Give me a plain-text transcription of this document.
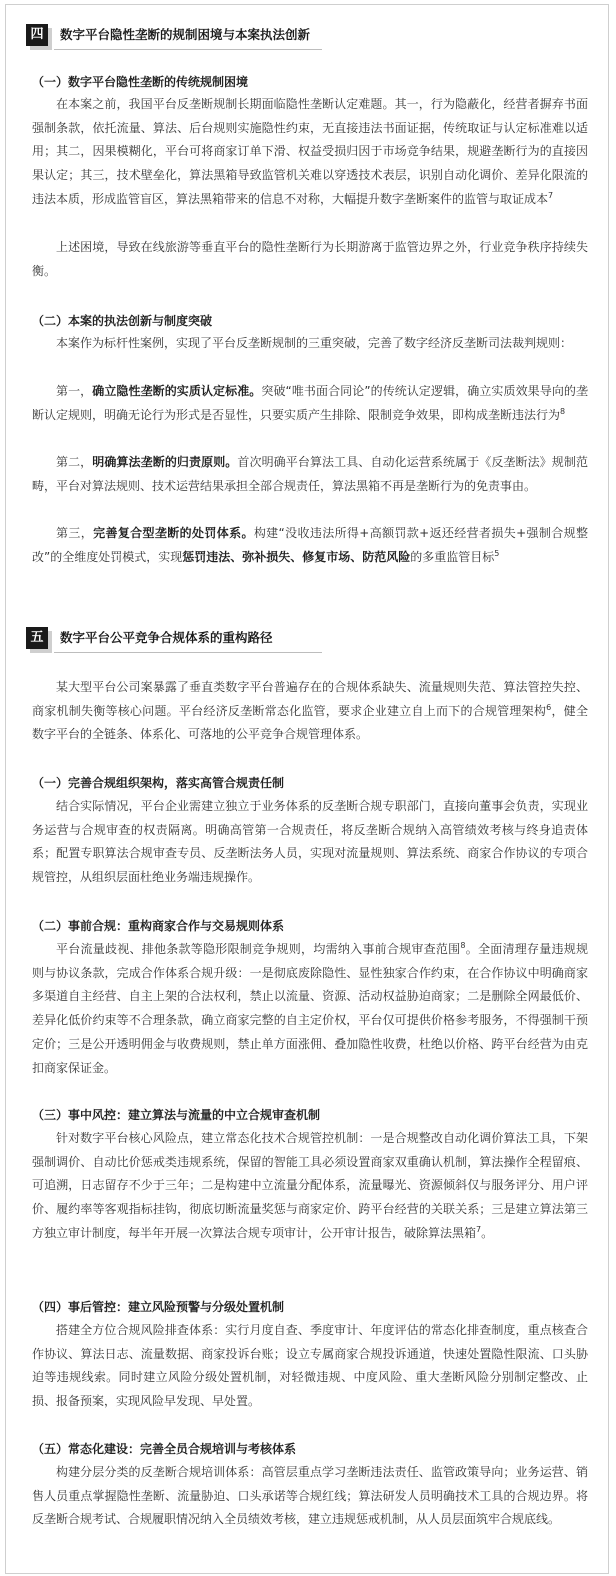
四	数字平台隐性垄断的规制困境与本案执法创新
（一）数字平台隐性垄断的传统规制困境

在本案之前，我国平台反垄断规制长期面临隐性垄断认定难题。其一，行为隐蔽化，经营者摒弃书面强制条款，依托流量、算法、后台规则实施隐性约束，无直接违法书面证据，传统取证与认定标准难以适用；其二，因果模糊化，平台可将商家订单下滑、权益受损归因于市场竞争结果，规避垄断行为的直接因果认定；其三，技术壁垒化，算法黑箱导致监管机关难以穿透技术表层，识别自动化调价、差异化限流的违法本质，形成监管盲区，算法黑箱带来的信息不对称，大幅提升数字垄断案件的监管与取证成本$^7$

上述困境，导致在线旅游等垂直平台的隐性垄断行为长期游离于监管边界之外，行业竞争秩序持续失衡。

（二）本案的执法创新与制度突破

本案作为标杆性案例，实现了平台反垄断规制的三重突破，完善了数字经济反垄断司法裁判规则：

第一，确立隐性垄断的实质认定标准。突破“唯书面合同论”的传统认定逻辑，确立实质效果导向的垄断认定规则，明确无论行为形式是否显性，只要实质产生排除、限制竞争效果，即构成垄断违法行为$^8$

第二，明确算法垄断的归责原则。首次明确平台算法工具、自动化运营系统属于《反垄断法》规制范畴，平台对算法规则、技术运营结果承担全部合规责任，算法黑箱不再是垄断行为的免责事由。

第三，完善复合型垄断的处罚体系。构建“没收违法所得+高额罚款+返还经营者损失+强制合规整改”的全维度处罚模式，实现惩罚违法、弥补损失、修复市场、防范风险的多重监管目标$^5$

五	数字平台公平竞争合规体系的重构路径

某大型平台公司案暴露了垂直类数字平台普遍存在的合规体系缺失、流量规则失范、算法管控失控、商家机制失衡等核心问题。平台经济反垄断常态化监管，要求企业建立自上而下的合规管理架构$^6$，健全数字平台的全链条、体系化、可落地的公平竞争合规管理体系。

（一）完善合规组织架构，落实高管合规责任制

结合实际情况，平台企业需建立独立于业务体系的反垄断合规专职部门，直接向董事会负责，实现业务运营与合规审查的权责隔离。明确高管第一合规责任，将反垄断合规纳入高管绩效考核与终身追责体系；配置专职算法合规审查专员、反垄断法务人员，实现对流量规则、算法系统、商家合作协议的专项合规管控，从组织层面杜绝业务端违规操作。

（二）事前合规：重构商家合作与交易规则体系

平台流量歧视、排他条款等隐形限制竞争规则，均需纳入事前合规审查范围$^8$。全面清理存量违规规则与协议条款，完成合作体系合规升级：一是彻底废除隐性、显性独家合作约束，在合作协议中明确商家多渠道自主经营、自主上架的合法权利，禁止以流量、资源、活动权益胁迫商家；二是删除全网最低价、差异化低价约束等不合理条款，确立商家完整的自主定价权，平台仅可提供价格参考服务，不得强制干预定价；三是公开透明佣金与收费规则，禁止单方面涨佣、叠加隐性收费，杜绝以价格、跨平台经营为由克扣商家保证金。

（三）事中风控：建立算法与流量的中立合规审查机制

针对数字平台核心风险点，建立常态化技术合规管控机制：一是合规整改自动化调价算法工具，下架强制调价、自动比价惩戒类违规系统，保留的智能工具必须设置商家双重确认机制，算法操作全程留痕、可追溯，日志留存不少于三年；二是构建中立流量分配体系，流量曝光、资源倾斜仅与服务评分、用户评价、履约率等客观指标挂钩，彻底切断流量奖惩与商家定价、跨平台经营的关联关系；三是建立算法第三方独立审计制度，每半年开展一次算法合规专项审计，公开审计报告，破除算法黑箱$^7$。

（四）事后管控：建立风险预警与分级处置机制

搭建全方位合规风险排查体系：实行月度自查、季度审计、年度评估的常态化排查制度，重点核查合作协议、算法日志、流量数据、商家投诉台账；设立专属商家合规投诉通道，快速处置隐性限流、口头胁迫等违规线索。同时建立风险分级处置机制，对轻微违规、中度风险、重大垄断风险分别制定整改、止损、报备预案，实现风险早发现、早处置。

（五）常态化建设：完善全员合规培训与考核体系

构建分层分类的反垄断合规培训体系：高管层重点学习垄断违法责任、监管政策导向；业务运营、销售人员重点掌握隐性垄断、流量胁迫、口头承诺等合规红线；算法研发人员明确技术工具的合规边界。将反垄断合规考试、合规履职情况纳入全员绩效考核，建立违规惩戒机制，从人员层面筑牢合规底线。
